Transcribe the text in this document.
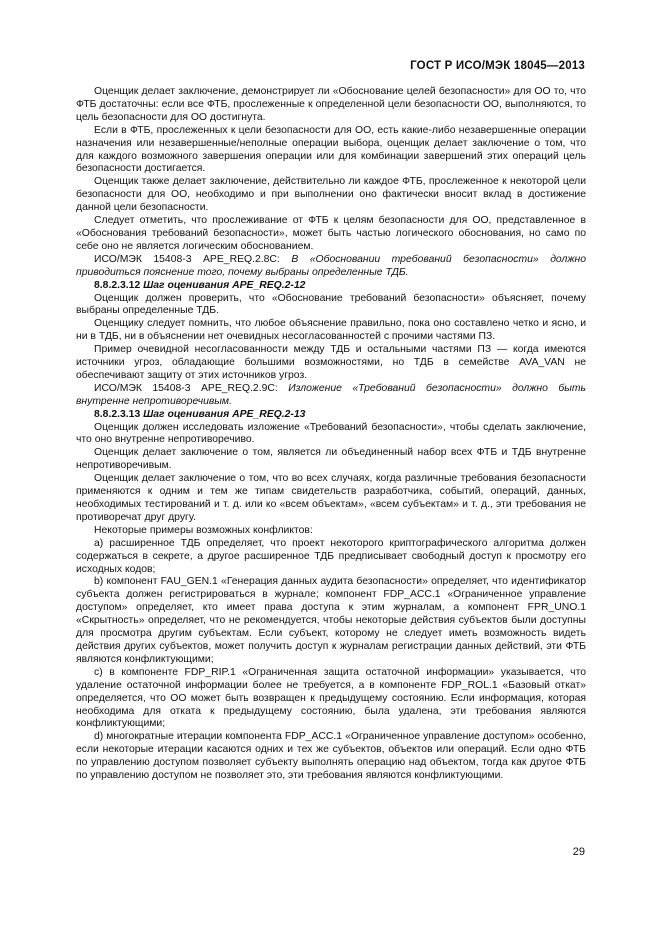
ГОСТ Р ИСО/МЭК 18045—2013

Оценщик делает заключение, демонстрирует ли «Обоснование целей безопасности» для ОО то, что ФТБ достаточны: если все ФТБ, прослеженные к определенной цели безопасности ОО, выполняются, то цель безопасности для ОО достигнута.

Если в ФТБ, прослеженных к цели безопасности для ОО, есть какие-либо незавершенные операции назначения или незавершенные/неполные операции выбора, оценщик делает заключение о том, что для каждого возможного завершения операции или для комбинации завершений этих операций цель безопасности достигается.

Оценщик также делает заключение, действительно ли каждое ФТБ, прослеженное к некоторой цели безопасности для ОО, необходимо и при выполнении оно фактически вносит вклад в достижение данной цели безопасности.

Следует отметить, что прослеживание от ФТБ к целям безопасности для ОО, представленное в «Обоснования требований безопасности», может быть частью логического обоснования, но само по себе оно не является логическим обоснованием.

ИСО/МЭК 15408-3 APE_REQ.2.8C: В «Обосновании требований безопасности» должно приводиться пояснение того, почему выбраны определенные ТДБ.

8.8.2.3.12 Шаг оценивания APE_REQ.2-12

Оценщик должен проверить, что «Обоснование требований безопасности» объясняет, почему выбраны определенные ТДБ.

Оценщику следует помнить, что любое объяснение правильно, пока оно составлено четко и ясно, и ни в ТДБ, ни в объяснении нет очевидных несогласованностей с прочими частями ПЗ.

Пример очевидной несогласованности между ТДБ и остальными частями ПЗ — когда имеются источники угроз, обладающие большими возможностями, но ТДБ в семействе AVA_VAN не обеспечивают защиту от этих источников угроз.

ИСО/МЭК 15408-3 APE_REQ.2.9C: Изложение «Требований безопасности» должно быть внутренне непротиворечивым.

8.8.2.3.13 Шаг оценивания APE_REQ.2-13

Оценщик должен исследовать изложение «Требований безопасности», чтобы сделать заключение, что оно внутренне непротиворечиво.

Оценщик делает заключение о том, является ли объединенный набор всех ФТБ и ТДБ внутренне непротиворечивым.

Оценщик делает заключение о том, что во всех случаях, когда различные требования безопасности применяются к одним и тем же типам свидетельств разработчика, событий, операций, данных, необходимых тестирований и т. д. или ко «всем объектам», «всем субъектам» и т. д., эти требования не противоречат друг другу.

Некоторые примеры возможных конфликтов:

а) расширенное ТДБ определяет, что проект некоторого криптографического алгоритма должен содержаться в секрете, а другое расширенное ТДБ предписывает свободный доступ к просмотру его исходных кодов;

b) компонент FAU_GEN.1 «Генерация данных аудита безопасности» определяет, что идентификатор субъекта должен регистрироваться в журнале; компонент FDP_ACC.1 «Ограниченное управление доступом» определяет, кто имеет права доступа к этим журналам, а компонент FPR_UNO.1 «Скрытность» определяет, что не рекомендуется, чтобы некоторые действия субъектов были доступны для просмотра другим субъектам. Если субъект, которому не следует иметь возможность видеть действия других субъектов, может получить доступ к журналам регистрации данных действий, эти ФТБ являются конфликтующими;

с) в компоненте FDP_RIP.1 «Ограниченная защита остаточной информации» указывается, что удаление остаточной информации более не требуется, а в компоненте FDP_ROL.1 «Базовый откат» определяется, что ОО может быть возвращен к предыдущему состоянию. Если информация, которая необходима для отката к предыдущему состоянию, была удалена, эти требования являются конфликтующими;

d) многократные итерации компонента FDP_ACC.1 «Ограниченное управление доступом» особенно, если некоторые итерации касаются одних и тех же субъектов, объектов или операций. Если одно ФТБ по управлению доступом позволяет субъекту выполнять операцию над объектом, тогда как другое ФТБ по управлению доступом не позволяет это, эти требования являются конфликтующими.

29
